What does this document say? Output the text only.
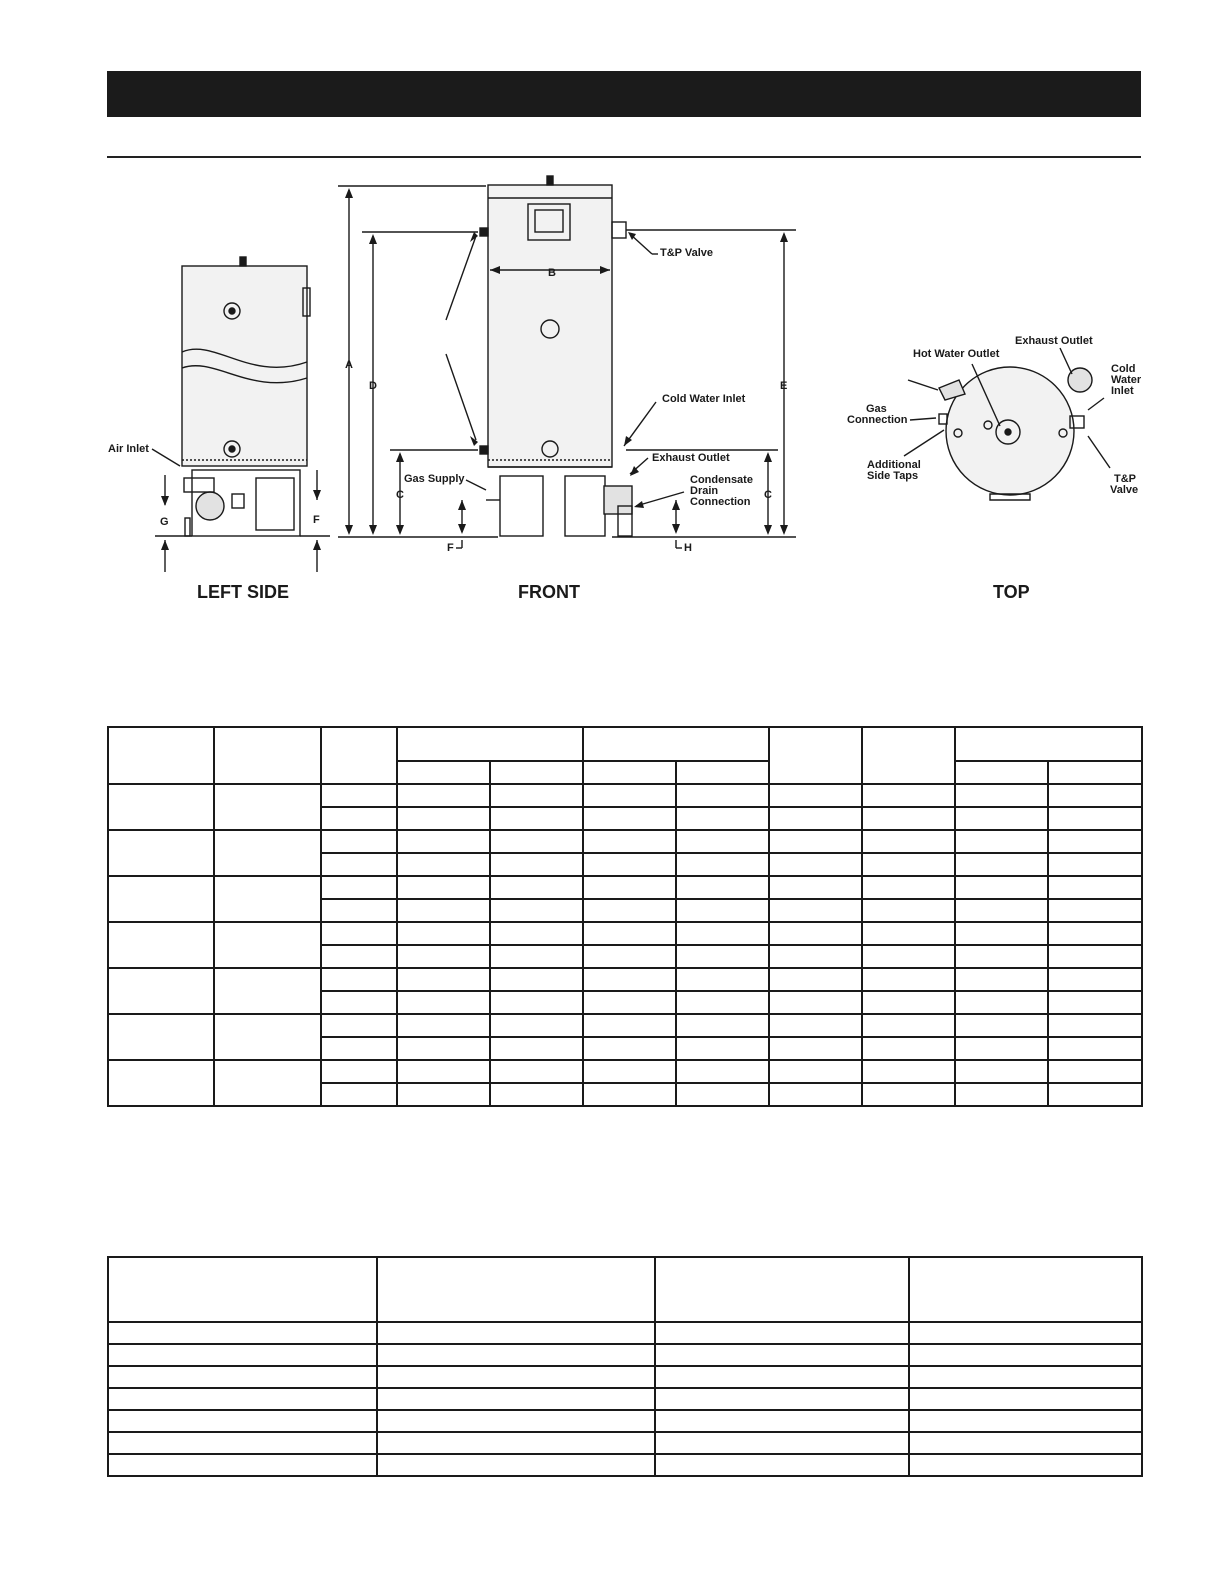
Air Inlet
T&P Valve
Cold Water Inlet
Exhaust Outlet
Gas Supply	Condensate
Drain
Connection
Hot Water Outlet
Exhaust Outlet
Cold
Water
Inlet
Gas
Connection
Additional
Side Taps	T&P
Valve
A
B
C	C
D	E
F
F
G
H
LEFT SIDE	FRONT	TOP
